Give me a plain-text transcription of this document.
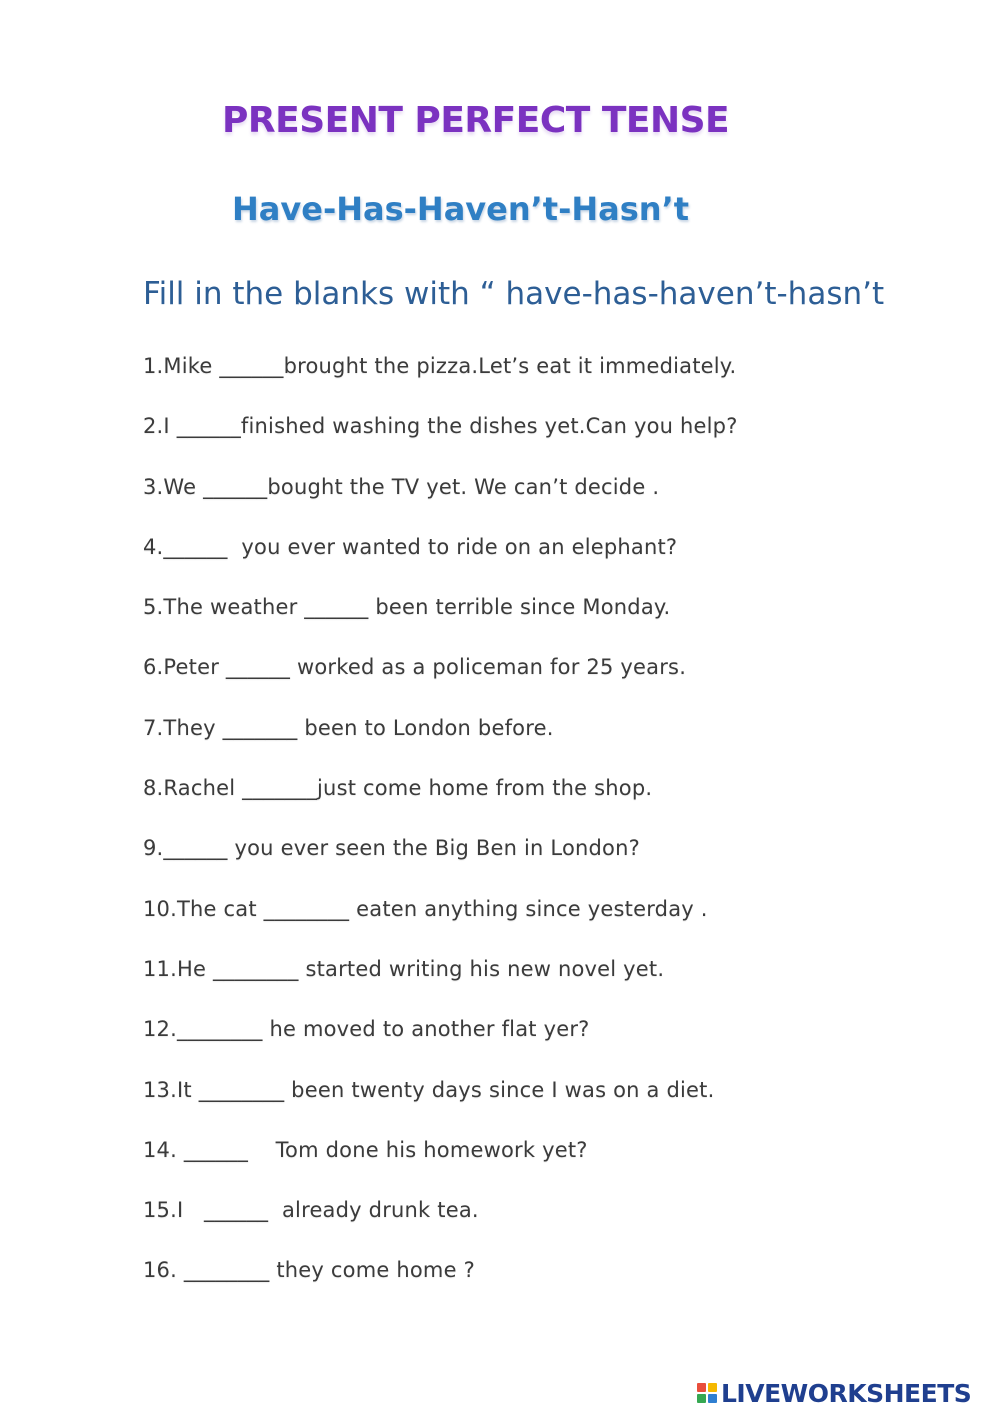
PRESENT PERFECT TENSE
Have-Has-Haven’t-Hasn’t
Fill in the blanks with “ have-has-haven’t-hasn’t
1.Mike ______brought the pizza.Let’s eat it immediately.
2.I ______finished washing the dishes yet.Can you help?
3.We ______bought the TV yet. We can’t decide .
4.______  you ever wanted to ride on an elephant?
5.The weather ______ been terrible since Monday.
6.Peter ______ worked as a policeman for 25 years.
7.They _______ been to London before.
8.Rachel _______just come home from the shop.
9.______ you ever seen the Big Ben in London?
10.The cat ________ eaten anything since yesterday .
11.He ________ started writing his new novel yet.
12.________ he moved to another flat yer?
13.It ________ been twenty days since I was on a diet.
14. ______    Tom done his homework yet?
15.I   ______  already drunk tea.
16. ________ they come home ?
LIVEWORKSHEETS
